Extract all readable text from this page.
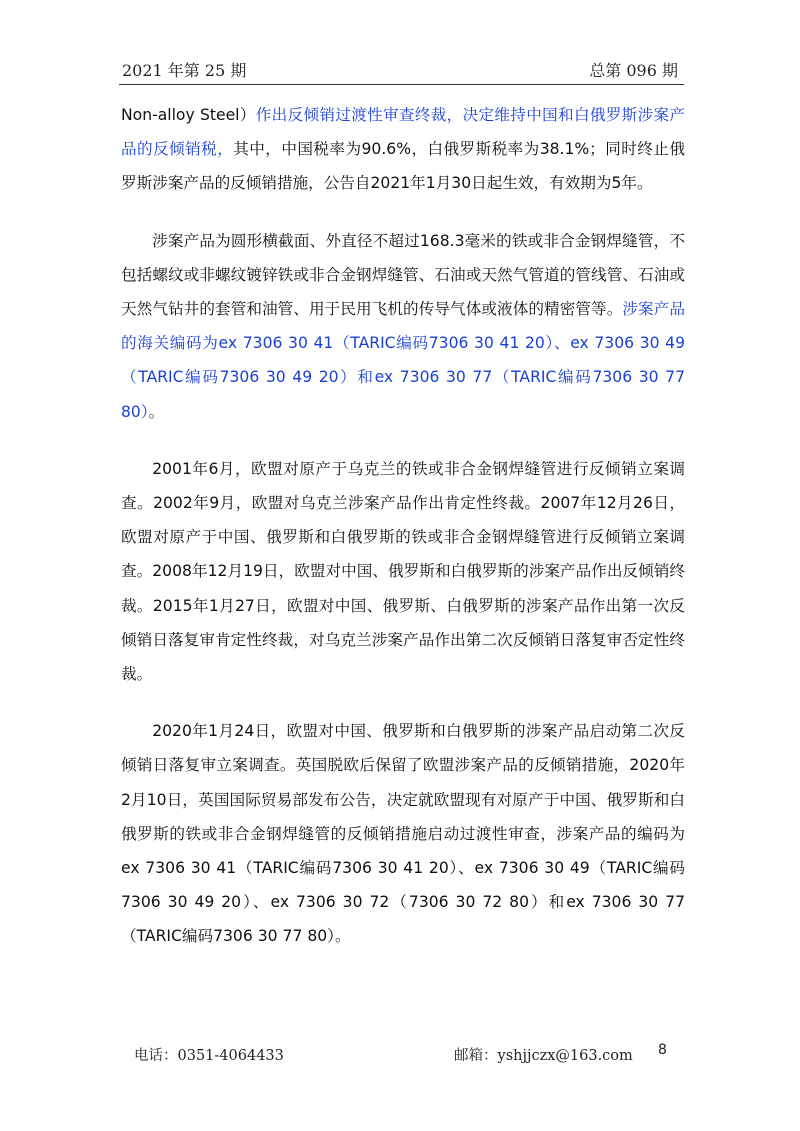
2021 年第 25 期	总第 096 期

Non-alloy Steel）作出反倾销过渡性审查终裁，决定维持中国和白俄罗斯涉案产品的反倾销税，其中，中国税率为90.6%，白俄罗斯税率为38.1%；同时终止俄罗斯涉案产品的反倾销措施，公告自2021年1月30日起生效，有效期为5年。

涉案产品为圆形横截面、外直径不超过168.3毫米的铁或非合金钢焊缝管，不包括螺纹或非螺纹镀锌铁或非合金钢焊缝管、石油或天然气管道的管线管、石油或天然气钻井的套管和油管、用于民用飞机的传导气体或液体的精密管等。涉案产品的海关编码为ex 7306 30 41（TARIC编码7306 30 41 20）、ex 7306 30 49（TARIC编码7306 30 49 20）和ex 7306 30 77（TARIC编码7306 30 77 80）。

2001年6月，欧盟对原产于乌克兰的铁或非合金钢焊缝管进行反倾销立案调查。2002年9月，欧盟对乌克兰涉案产品作出肯定性终裁。2007年12月26日，欧盟对原产于中国、俄罗斯和白俄罗斯的铁或非合金钢焊缝管进行反倾销立案调查。2008年12月19日，欧盟对中国、俄罗斯和白俄罗斯的涉案产品作出反倾销终裁。2015年1月27日，欧盟对中国、俄罗斯、白俄罗斯的涉案产品作出第一次反倾销日落复审肯定性终裁，对乌克兰涉案产品作出第二次反倾销日落复审否定性终裁。

2020年1月24日，欧盟对中国、俄罗斯和白俄罗斯的涉案产品启动第二次反倾销日落复审立案调查。英国脱欧后保留了欧盟涉案产品的反倾销措施，2020年2月10日，英国国际贸易部发布公告，决定就欧盟现有对原产于中国、俄罗斯和白俄罗斯的铁或非合金钢焊缝管的反倾销措施启动过渡性审查，涉案产品的编码为ex 7306 30 41（TARIC编码7306 30 41 20）、ex 7306 30 49（TARIC编码7306 30 49 20）、ex 7306 30 72（7306 30 72 80）和ex 7306 30 77（TARIC编码7306 30 77 80）。

电话：0351-4064433	邮箱：yshjjczx@163.com 8
